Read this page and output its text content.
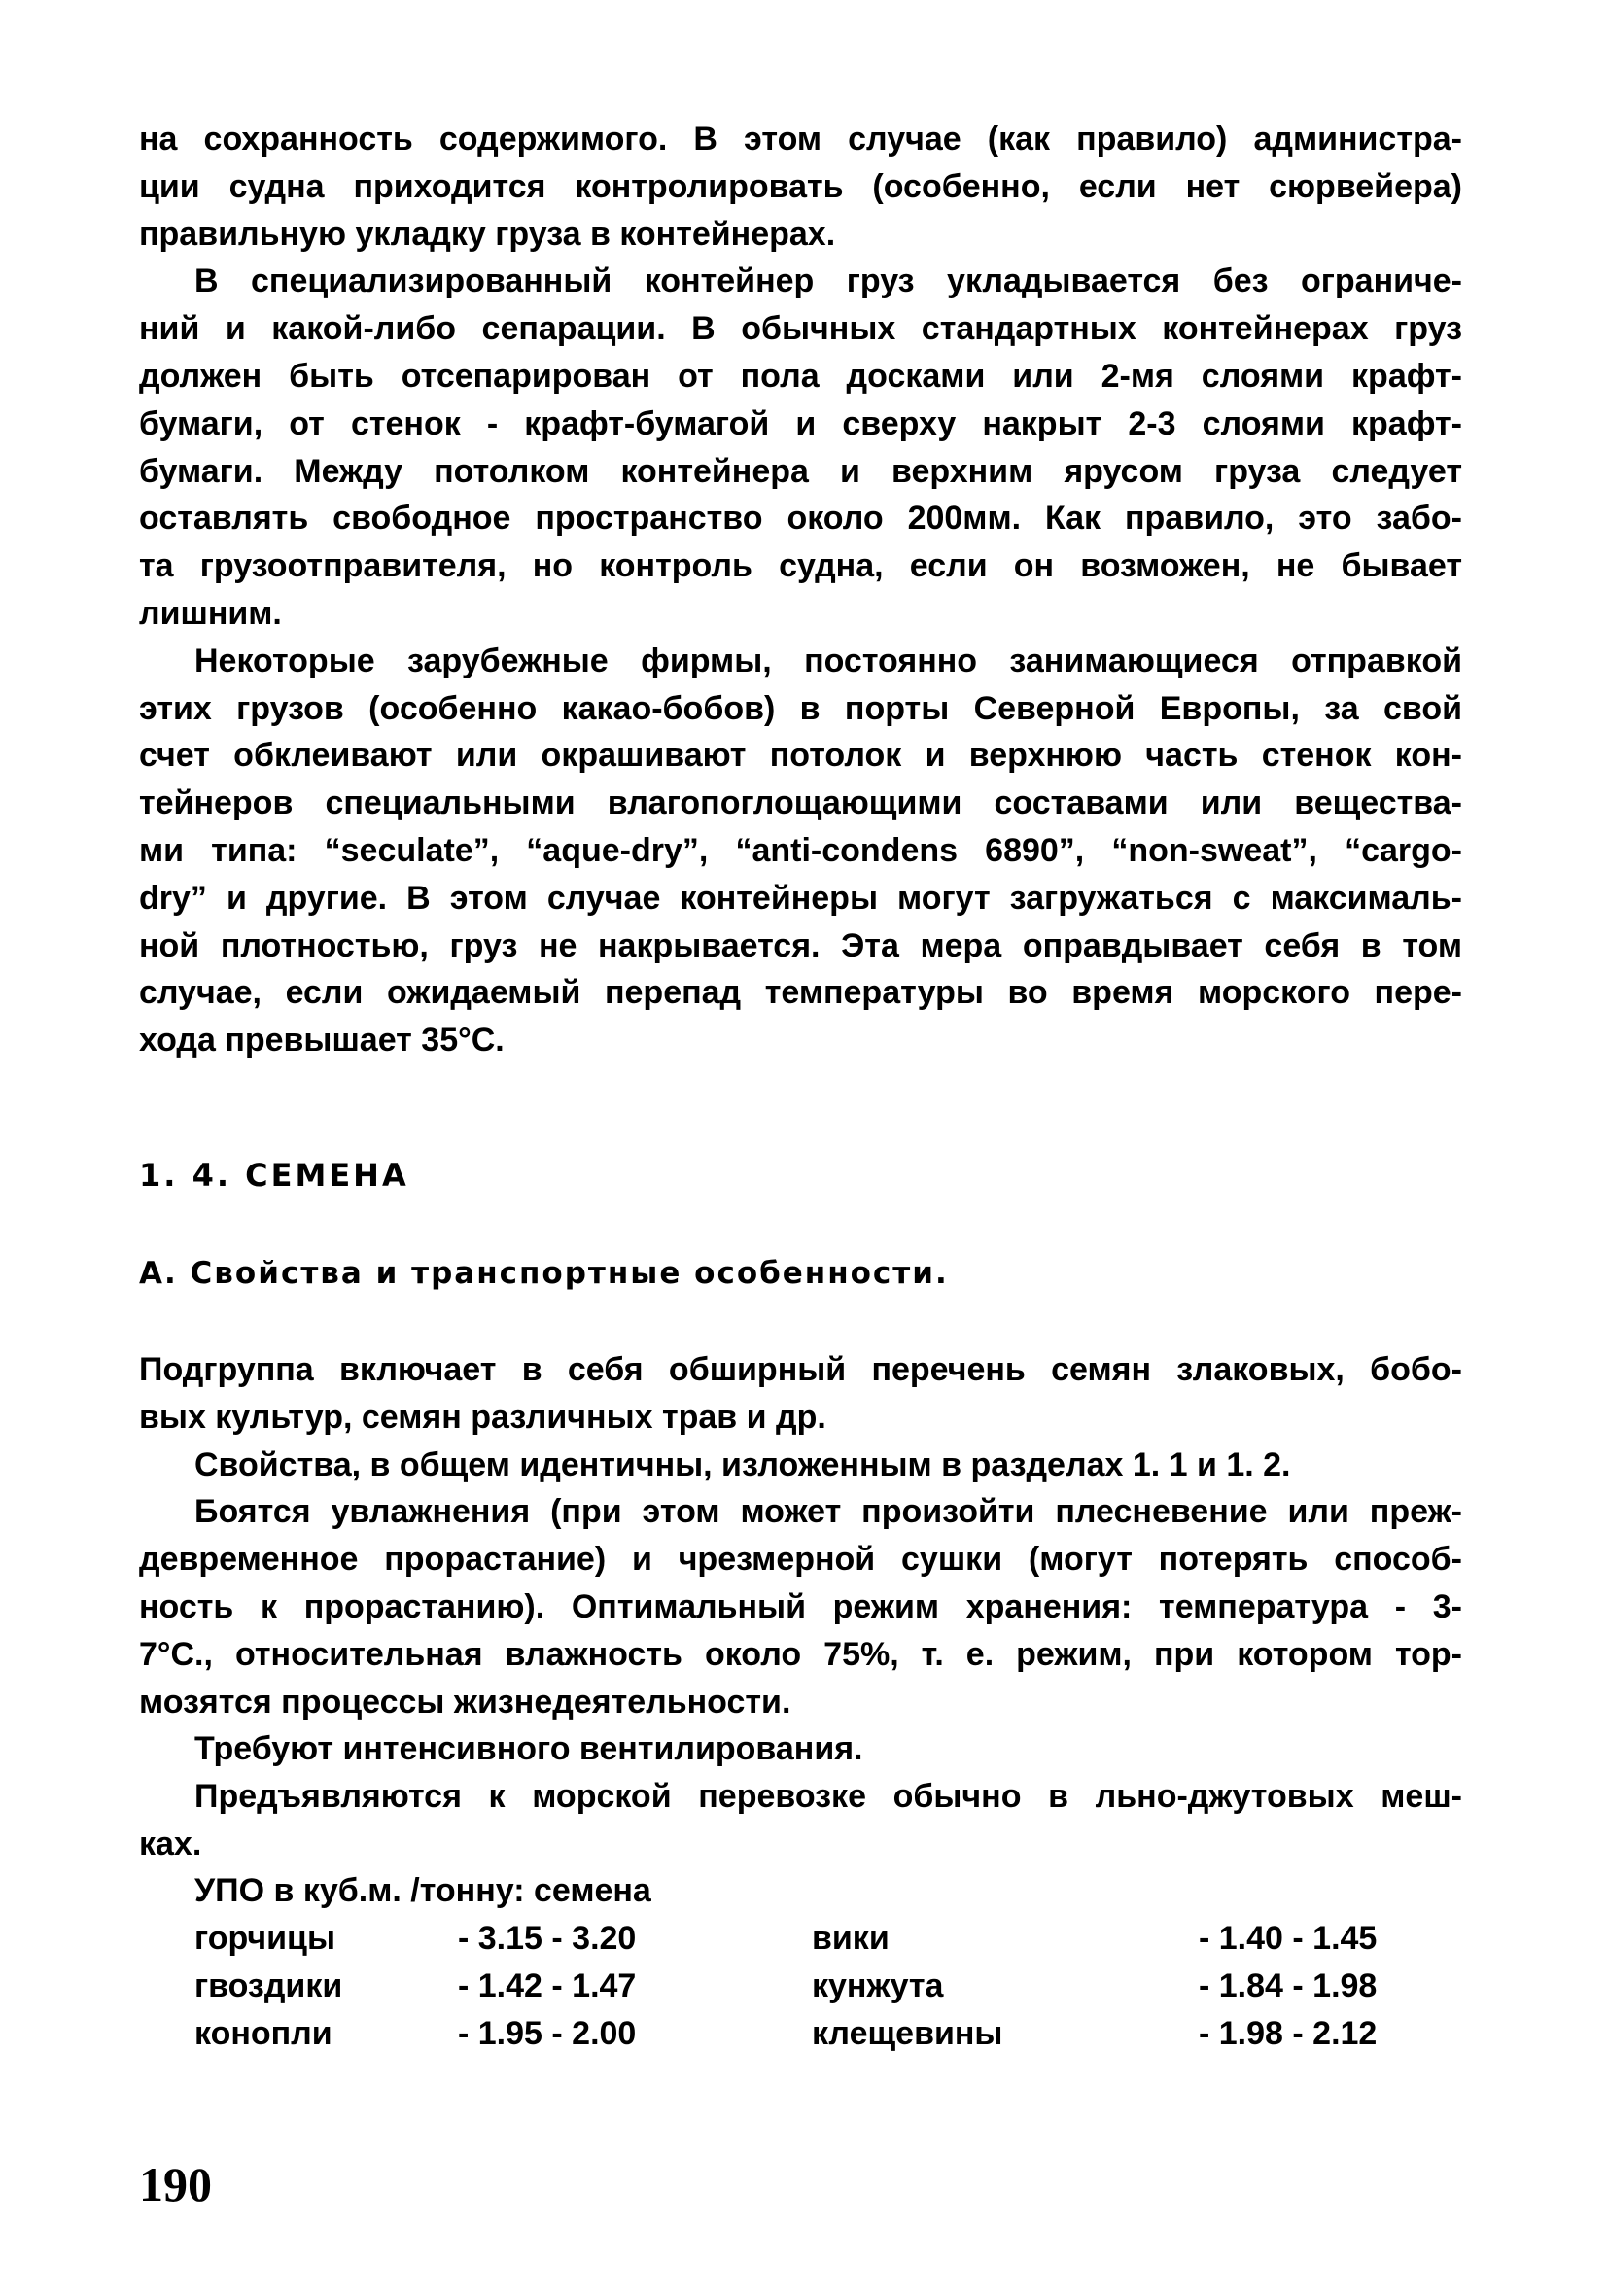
1. 4. СЕМЕНА
А. Свойства и транспортные особенности.
УПО в куб.м. /тонну: семена
190
на сохранность содержимого. В этом случае (как правило) администра-
ции судна приходится контролировать (особенно, если нет сюрвейера)
правильную укладку груза в контейнерах.
В специализированный контейнер груз укладывается без ограниче-
ний и какой-либо сепарации. В обычных стандартных контейнерах груз
должен быть отсепарирован от пола досками или 2-мя слоями крафт-
бумаги, от стенок - крафт-бумагой и сверху накрыт 2-3 слоями крафт-
бумаги. Между потолком контейнера и верхним ярусом груза следует
оставлять свободное пространство около 200мм. Как правило, это забо-
та грузоотправителя, но контроль судна, если он возможен, не бывает
лишним.
Некоторые зарубежные фирмы, постоянно занимающиеся отправкой
этих грузов (особенно какао-бобов) в порты Северной Европы, за свой
счет обклеивают или окрашивают потолок и верхнюю часть стенок кон-
тейнеров специальными влагопоглощающими составами или вещества-
ми типа: “seculate”, “aque-dry”, “anti-condens 6890”, “non-sweat”, “cargo-
dry” и другие. В этом случае контейнеры могут загружаться с максималь-
ной плотностью, груз не накрывается. Эта мера оправдывает себя в том
случае, если ожидаемый перепад температуры во время морского пере-
хода превышает 35°С.
Подгруппа включает в себя обширный перечень семян злаковых, бобо-
вых культур, семян различных трав и др.
Свойства, в общем идентичны, изложенным в разделах 1. 1 и 1. 2.
Боятся увлажнения (при этом может произойти плесневение или преж-
девременное прорастание) и чрезмерной сушки (могут потерять способ-
ность к прорастанию). Оптимальный режим хранения: температура - 3-
7°С., относительная влажность около 75%, т. е. режим, при котором тор-
мозятся процессы жизнедеятельности.
Требуют интенсивного вентилирования.
Предъявляются к морской перевозке обычно в льно-джутовых меш-
ках.
горчицы	- 3.15 - 3.20	вики	- 1.40 - 1.45
гвоздики	- 1.42 - 1.47	кунжута	- 1.84 - 1.98
конопли	- 1.95 - 2.00	клещевины	- 1.98 - 2.12
